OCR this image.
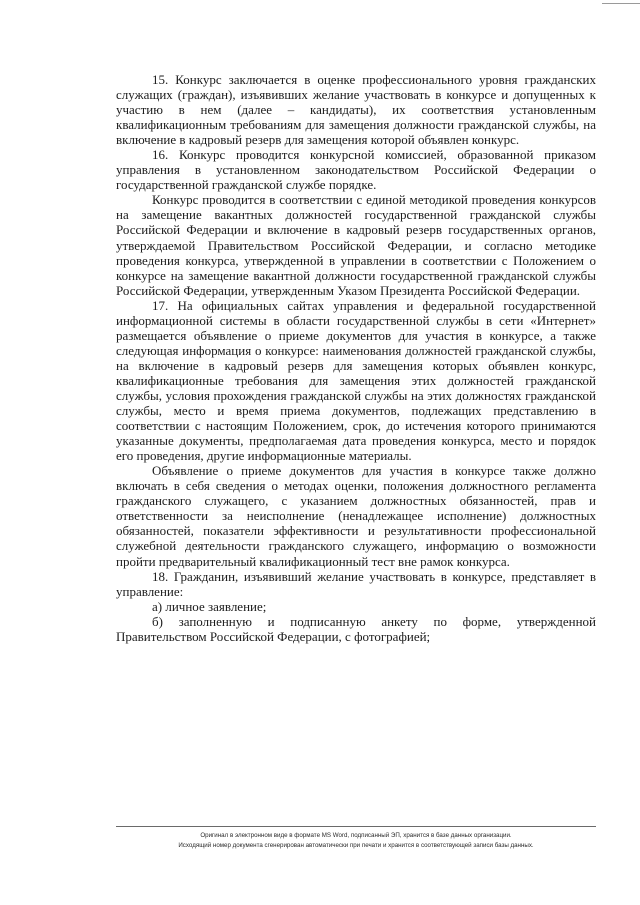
15. Конкурс заключается в оценке профессионального уровня гражданских служащих (граждан), изъявивших желание участвовать в конкурсе и допущенных к участию в нем (далее – кандидаты), их соответствия установленным квалификационным требованиям для замещения должности гражданской службы, на включение в кадровый резерв для замещения которой объявлен конкурс.

16. Конкурс проводится конкурсной комиссией, образованной приказом управления в установленном законодательством Российской Федерации о государственной гражданской службе порядке.

Конкурс проводится в соответствии с единой методикой проведения конкурсов на замещение вакантных должностей государственной гражданской службы Российской Федерации и включение в кадровый резерв государственных органов, утверждаемой Правительством Российской Федерации, и согласно методике проведения конкурса, утвержденной в управлении в соответствии с Положением о конкурсе на замещение вакантной должности государственной гражданской службы Российской Федерации, утвержденным Указом Президента Российской Федерации.

17. На официальных сайтах управления и федеральной государственной информационной системы в области государственной службы в сети «Интернет» размещается объявление о приеме документов для участия в конкурсе, а также следующая информация о конкурсе: наименования должностей гражданской службы, на включение в кадровый резерв для замещения которых объявлен конкурс, квалификационные требования для замещения этих должностей гражданской службы, условия прохождения гражданской службы на этих должностях гражданской службы, место и время приема документов, подлежащих представлению в соответствии с настоящим Положением, срок, до истечения которого принимаются указанные документы, предполагаемая дата проведения конкурса, место и порядок его проведения, другие информационные материалы.

Объявление о приеме документов для участия в конкурсе также должно включать в себя сведения о методах оценки, положения должностного регламента гражданского служащего, с указанием должностных обязанностей, прав и ответственности за неисполнение (ненадлежащее исполнение) должностных обязанностей, показатели эффективности и результативности профессиональной служебной деятельности гражданского служащего, информацию о возможности пройти предварительный квалификационный тест вне рамок конкурса.

18. Гражданин, изъявивший желание участвовать в конкурсе, представляет в управление:

а) личное заявление;

б) заполненную и подписанную анкету по форме, утвержденной Правительством Российской Федерации, с фотографией;

Оригинал в электронном виде в формате MS Word, подписанный ЭП, хранится в базе данных организации.
Исходящий номер документа сгенерирован автоматически при печати и хранится в соответствующей записи базы данных.
